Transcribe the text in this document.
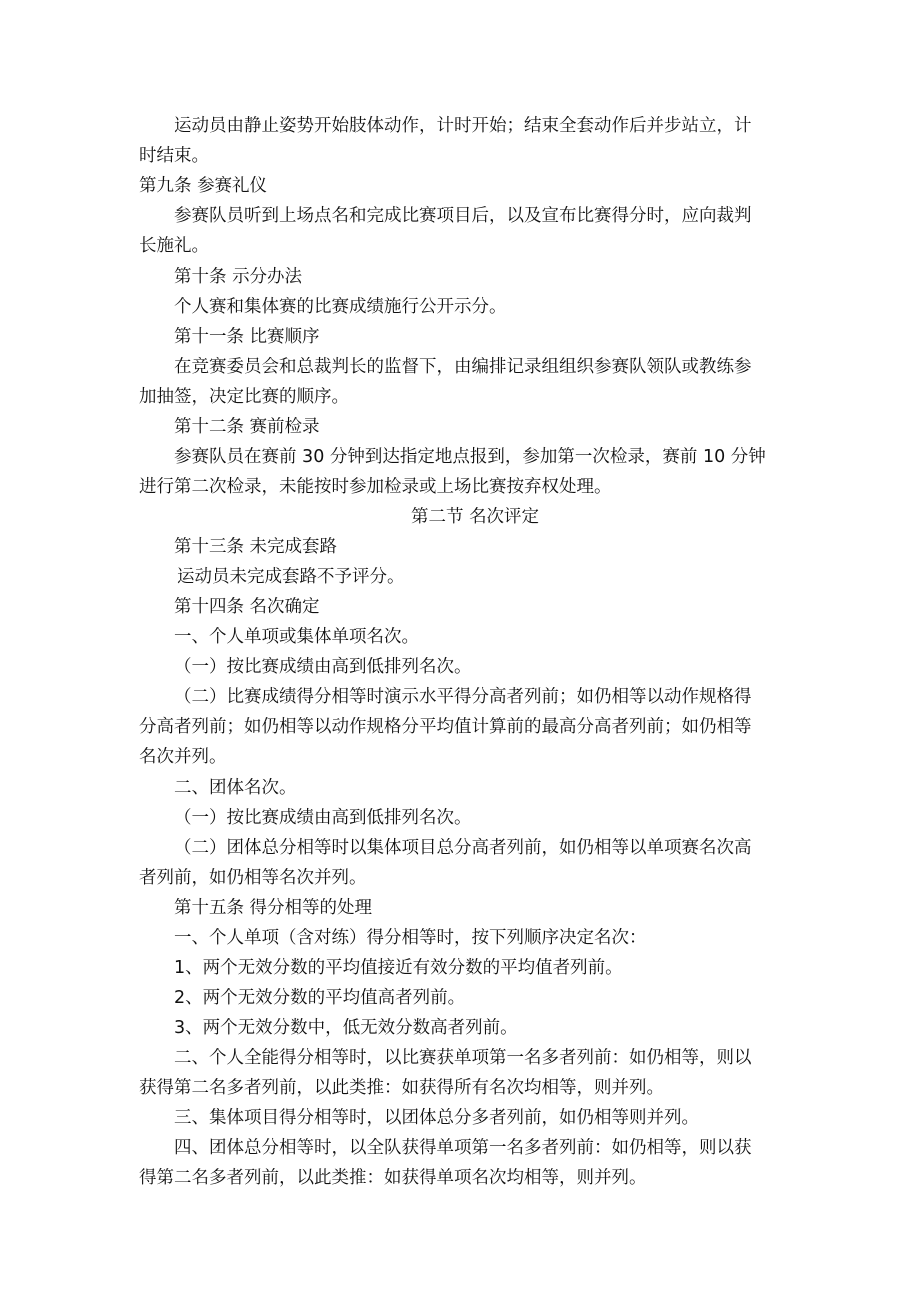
运动员由静止姿势开始肢体动作，计时开始；结束全套动作后并步站立，计
时结束。
第九条 参赛礼仪
参赛队员听到上场点名和完成比赛项目后，以及宣布比赛得分时，应向裁判
长施礼。
第十条 示分办法
个人赛和集体赛的比赛成绩施行公开示分。
第十一条 比赛顺序
在竞赛委员会和总裁判长的监督下，由编排记录组组织参赛队领队或教练参
加抽签，决定比赛的顺序。
第十二条 赛前检录
参赛队员在赛前 30 分钟到达指定地点报到，参加第一次检录，赛前 10 分钟
进行第二次检录，未能按时参加检录或上场比赛按弃权处理。
第二节 名次评定
第十三条 未完成套路
运动员未完成套路不予评分。
第十四条 名次确定
一、个人单项或集体单项名次。
（一）按比赛成绩由高到低排列名次。
（二）比赛成绩得分相等时演示水平得分高者列前；如仍相等以动作规格得
分高者列前；如仍相等以动作规格分平均值计算前的最高分高者列前；如仍相等
名次并列。
二、团体名次。
（一）按比赛成绩由高到低排列名次。
（二）团体总分相等时以集体项目总分高者列前，如仍相等以单项赛名次高
者列前，如仍相等名次并列。
第十五条 得分相等的处理
一、个人单项（含对练）得分相等时，按下列顺序决定名次：
1、两个无效分数的平均值接近有效分数的平均值者列前。
2、两个无效分数的平均值高者列前。
3、两个无效分数中，低无效分数高者列前。
二、个人全能得分相等时，以比赛获单项第一名多者列前：如仍相等，则以
获得第二名多者列前，以此类推：如获得所有名次均相等，则并列。
三、集体项目得分相等时，以团体总分多者列前，如仍相等则并列。
四、团体总分相等时，以全队获得单项第一名多者列前：如仍相等，则以获
得第二名多者列前，以此类推：如获得单项名次均相等，则并列。
